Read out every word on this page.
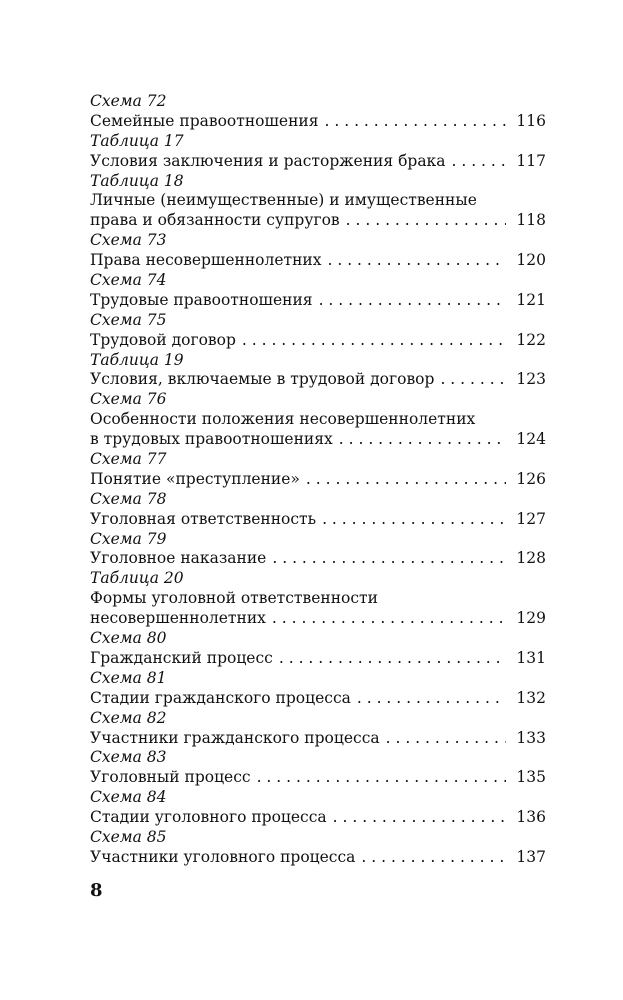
Схема 72
Семейные правоотношения . . .	116
Таблица 17
Условия заключения и расторжения брака . . .	117
Таблица 18
Личные (неимущественные) и имущественные
права и обязанности супругов . . .	118
Схема 73
Права несовершеннолетних . . .	120
Схема 74
Трудовые правоотношения . . .	121
Схема 75
Трудовой договор . . .	122
Таблица 19
Условия, включаемые в трудовой договор . . .	123
Схема 76
Особенности положения несовершеннолетних
в трудовых правоотношениях . . .	124
Схема 77
Понятие «преступление» . . .	126
Схема 78
Уголовная ответственность . . .	127
Схема 79
Уголовное наказание . . .	128
Таблица 20
Формы уголовной ответственности
несовершеннолетних . . .	129
Схема 80
Гражданский процесс . . .	131
Схема 81
Стадии гражданского процесса . . .	132
Схема 82
Участники гражданского процесса . . .	133
Схема 83
Уголовный процесс . . .	135
Схема 84
Стадии уголовного процесса . . .	136
Схема 85
Участники уголовного процесса . . .	137
8
